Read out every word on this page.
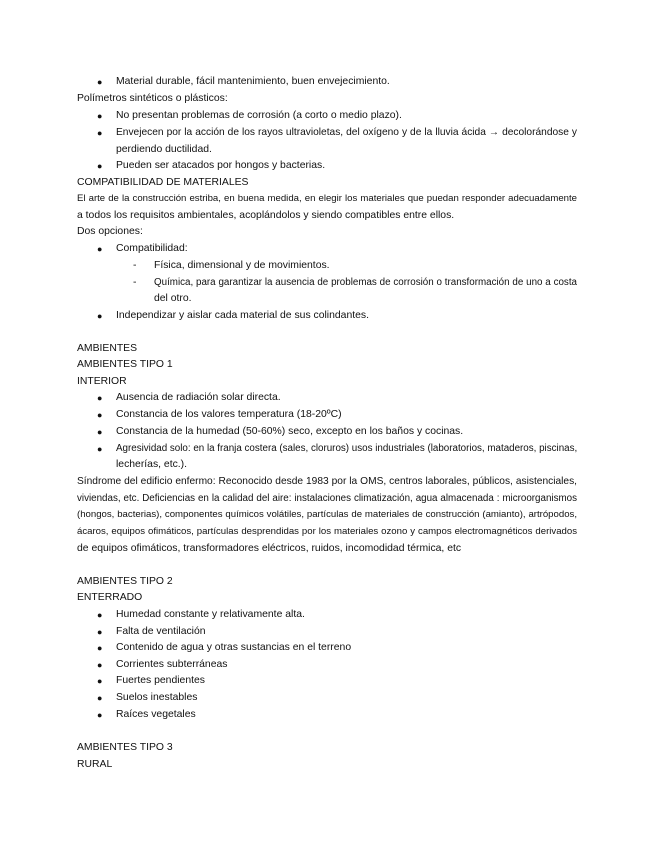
● Material durable, fácil mantenimiento, buen envejecimiento.
Polímetros sintéticos o plásticos:
● No presentan problemas de corrosión (a corto o medio plazo).
● Envejecen por la acción de los rayos ultravioletas, del oxígeno y de la lluvia ácida → decolorándose y
perdiendo ductilidad.
● Pueden ser atacados por hongos y bacterias.
COMPATIBILIDAD DE MATERIALES
El arte de la construcción estriba, en buena medida, en elegir los materiales que puedan responder adecuadamente
a todos los requisitos ambientales, acoplándolos y siendo compatibles entre ellos.
Dos opciones:
● Compatibilidad:
- Física, dimensional y de movimientos.
- Química, para garantizar la ausencia de problemas de corrosión o transformación de uno a costa
del otro.
● Independizar y aislar cada material de sus colindantes.
AMBIENTES
AMBIENTES TIPO 1
INTERIOR
● Ausencia de radiación solar directa.
● Constancia de los valores temperatura (18-20ºC)
● Constancia de la humedad (50-60%) seco, excepto en los baños y cocinas.
● Agresividad solo: en la franja costera (sales, cloruros) usos industriales (laboratorios, mataderos, piscinas,
lecherías, etc.).
Síndrome del edificio enfermo: Reconocido desde 1983 por la OMS, centros laborales, públicos, asistenciales,
viviendas, etc. Deficiencias en la calidad del aire: instalaciones climatización, agua almacenada : microorganismos
(hongos, bacterias), componentes químicos volátiles, partículas de materiales de construcción (amianto), artrópodos,
ácaros, equipos ofimáticos, partículas desprendidas por los materiales ozono y campos electromagnéticos derivados
de equipos ofimáticos, transformadores eléctricos, ruidos, incomodidad térmica, etc
AMBIENTES TIPO 2
ENTERRADO
● Humedad constante y relativamente alta.
● Falta de ventilación
● Contenido de agua y otras sustancias en el terreno
● Corrientes subterráneas
● Fuertes pendientes
● Suelos inestables
● Raíces vegetales
AMBIENTES TIPO 3
RURAL
